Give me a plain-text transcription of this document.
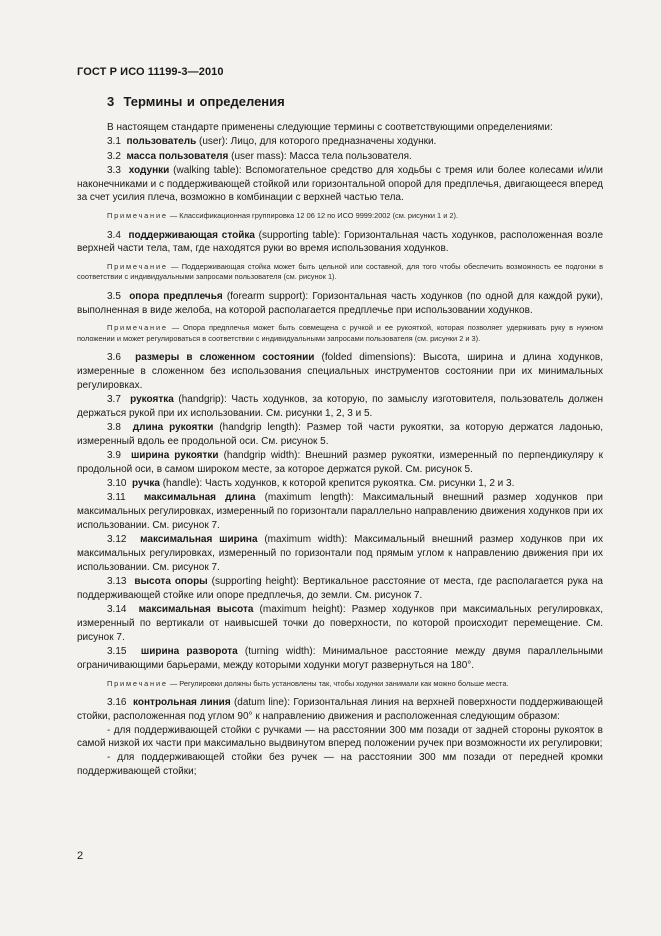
ГОСТ Р ИСО 11199-3—2010
3 Термины и определения

В настоящем стандарте применены следующие термины с соответствующими определениями:

3.1 пользователь (user): Лицо, для которого предназначены ходунки.

3.2 масса пользователя (user mass): Масса тела пользователя.

3.3 ходунки (walking table): Вспомогательное средство для ходьбы с тремя или более колесами и/или наконечниками и с поддерживающей стойкой или горизонтальной опорой для предплечья, двигающееся вперед за счет усилия плеча, возможно в комбинации с верхней частью тела.

Примечание — Классификационная группировка 12 06 12 по ИСО 9999:2002 (см. рисунки 1 и 2).

3.4 поддерживающая стойка (supporting table): Горизонтальная часть ходунков, расположенная возле верхней части тела, там, где находятся руки во время использования ходунков.

Примечание — Поддерживающая стойка может быть цельной или составной, для того чтобы обеспечить возможность ее подгонки в соответствии с индивидуальными запросами пользователя (см. рисунок 1).

3.5 опора предплечья (forearm support): Горизонтальная часть ходунков (по одной для каждой руки), выполненная в виде желоба, на которой располагается предплечье при использовании ходунков.

Примечание — Опора предплечья может быть совмещена с ручкой и ее рукояткой, которая позволяет удерживать руку в нужном положении и может регулироваться в соответствии с индивидуальными запросами пользователя (см. рисунки 2 и 3).

3.6 размеры в сложенном состоянии (folded dimensions): Высота, ширина и длина ходунков, измеренные в сложенном без использования специальных инструментов состоянии при их минимальных регулировках.

3.7 рукоятка (handgrip): Часть ходунков, за которую, по замыслу изготовителя, пользователь должен держаться рукой при их использовании. См. рисунки 1, 2, 3 и 5.

3.8 длина рукоятки (handgrip length): Размер той части рукоятки, за которую держатся ладонью, измеренный вдоль ее продольной оси. См. рисунок 5.

3.9 ширина рукоятки (handgrip width): Внешний размер рукоятки, измеренный по перпендикуляру к продольной оси, в самом широком месте, за которое держатся рукой. См. рисунок 5.

3.10 ручка (handle): Часть ходунков, к которой крепится рукоятка. См. рисунки 1, 2 и 3.

3.11 максимальная длина (maximum length): Максимальный внешний размер ходунков при максимальных регулировках, измеренный по горизонтали параллельно направлению движения ходунков при их использовании. См. рисунок 7.

3.12 максимальная ширина (maximum width): Максимальный внешний размер ходунков при их максимальных регулировках, измеренный по горизонтали под прямым углом к направлению движения при их использовании. См. рисунок 7.

3.13 высота опоры (supporting height): Вертикальное расстояние от места, где располагается рука на поддерживающей стойке или опоре предплечья, до земли. См. рисунок 7.

3.14 максимальная высота (maximum height): Размер ходунков при максимальных регулировках, измеренный по вертикали от наивысшей точки до поверхности, по которой происходит перемещение. См. рисунок 7.

3.15 ширина разворота (turning width): Минимальное расстояние между двумя параллельными ограничивающими барьерами, между которыми ходунки могут развернуться на 180°.

Примечание — Регулировки должны быть установлены так, чтобы ходунки занимали как можно больше места.

3.16 контрольная линия (datum line): Горизонтальная линия на верхней поверхности поддерживающей стойки, расположенная под углом 90° к направлению движения и расположенная следующим образом:

- для поддерживающей стойки с ручками — на расстоянии 300 мм позади от задней стороны рукояток в самой низкой их части при максимально выдвинутом вперед положении ручек при возможности их регулировки;

- для поддерживающей стойки без ручек — на расстоянии 300 мм позади от передней кромки поддерживающей стойки;

2
